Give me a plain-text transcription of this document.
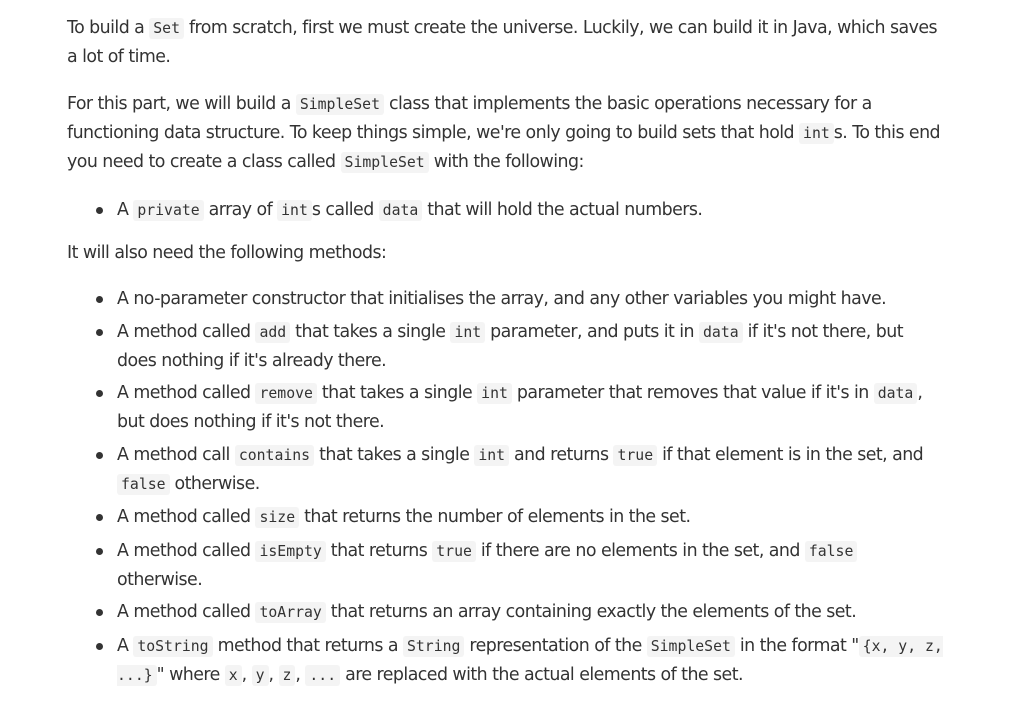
To build a Set from scratch, first we must create the universe. Luckily, we can build it in Java, which saves a lot of time.

For this part, we will build a SimpleSet class that implements the basic operations necessary for a functioning data structure. To keep things simple, we're only going to build sets that hold int s. To this end you need to create a class called SimpleSet with the following:

A private array of int s called data that will hold the actual numbers.

It will also need the following methods:

A no-parameter constructor that initialises the array, and any other variables you might have.
A method called add that takes a single int parameter, and puts it in data if it's not there, but does nothing if it's already there.
A method called remove that takes a single int parameter that removes that value if it's in data , but does nothing if it's not there.
A method call contains that takes a single int and returns true if that element is in the set, and false otherwise.
A method called size that returns the number of elements in the set.
A method called isEmpty that returns true if there are no elements in the set, and false otherwise.
A method called toArray that returns an array containing exactly the elements of the set.
A toString method that returns a String representation of the SimpleSet in the format " {x, y, z, ...} " where x , y , z , ... are replaced with the actual elements of the set.
